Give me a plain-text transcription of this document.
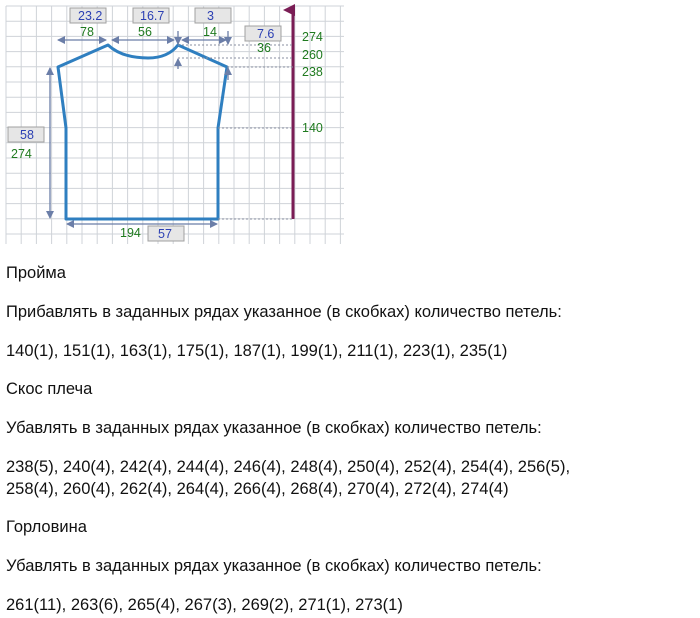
23.2
78
16.7
56
3
14	7.6
36
58
274
194 57
274
260
238
140
Пройма
Прибавлять в заданных рядах указанное (в скобках) количество петель:
140(1), 151(1), 163(1), 175(1), 187(1), 199(1), 211(1), 223(1), 235(1)
Скос плеча
Убавлять в заданных рядах указанное (в скобках) количество петель:
238(5), 240(4), 242(4), 244(4), 246(4), 248(4), 250(4), 252(4), 254(4), 256(5),
258(4), 260(4), 262(4), 264(4), 266(4), 268(4), 270(4), 272(4), 274(4)
Горловина
Убавлять в заданных рядах указанное (в скобках) количество петель:
261(11), 263(6), 265(4), 267(3), 269(2), 271(1), 273(1)
